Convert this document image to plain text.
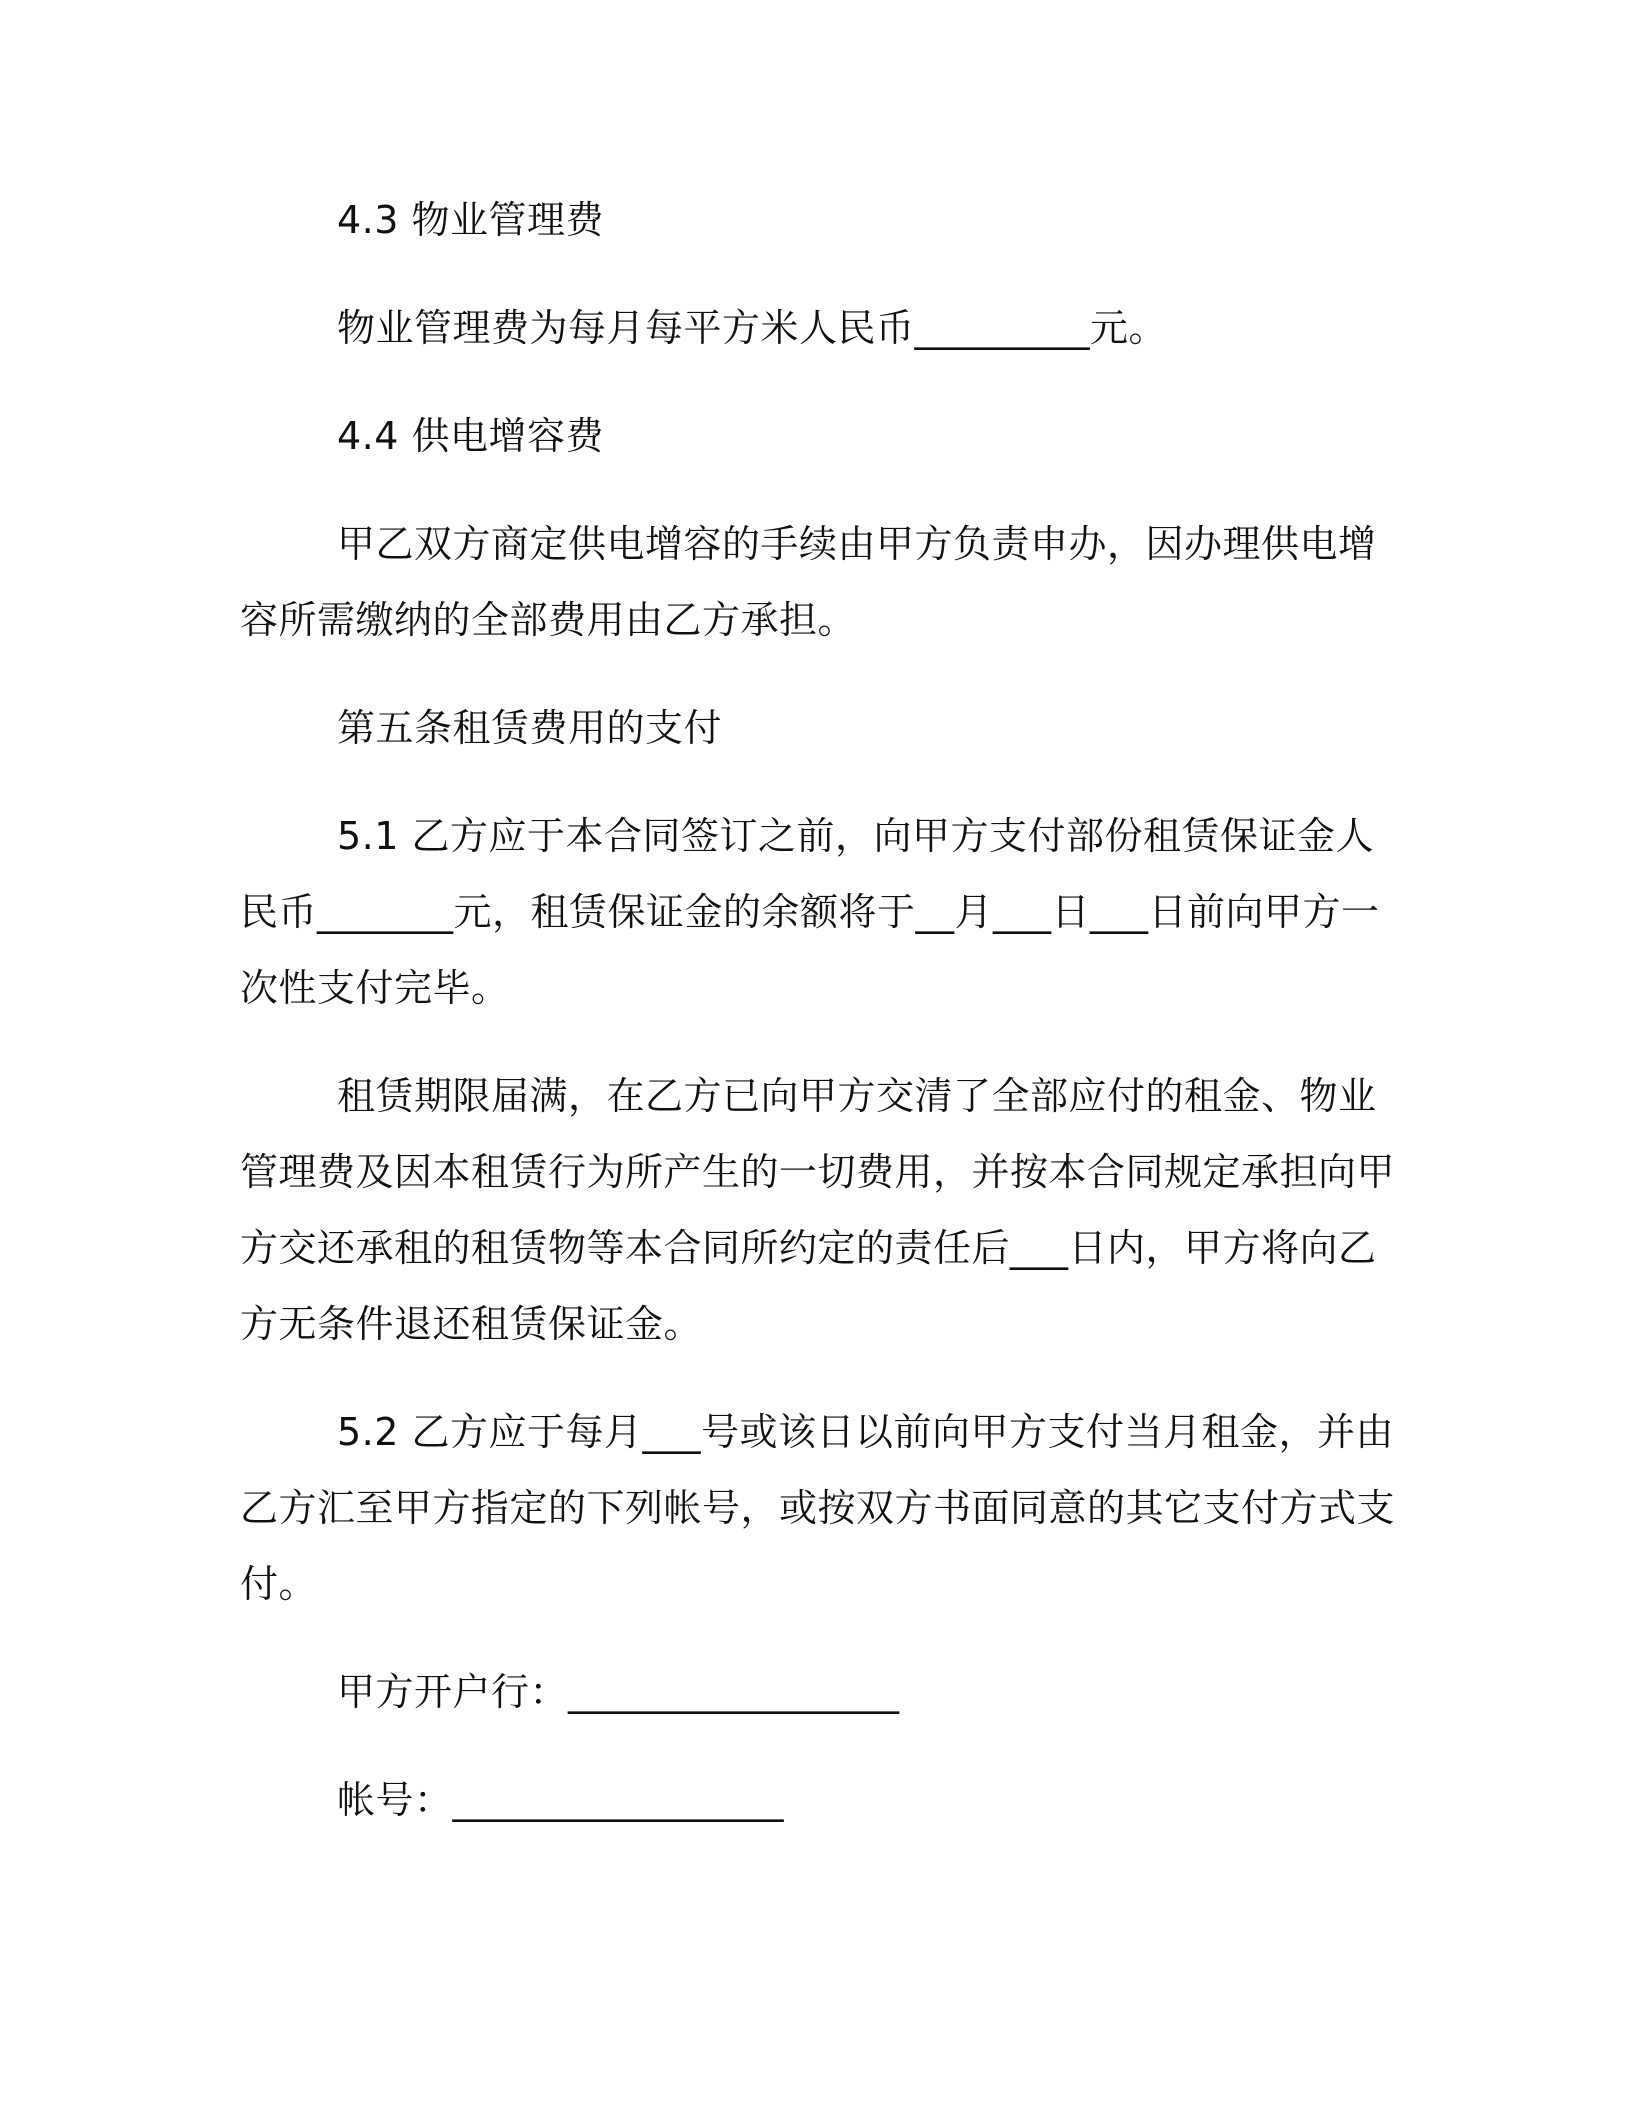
4.3 物业管理费

物业管理费为每月每平方米人民币_________元。

4.4 供电增容费

甲乙双方商定供电增容的手续由甲方负责申办，因办理供电增容所需缴纳的全部费用由乙方承担。

第五条租赁费用的支付

5.1 乙方应于本合同签订之前，向甲方支付部份租赁保证金人民币_______元，租赁保证金的余额将于__月___日___日前向甲方一次性支付完毕。

租赁期限届满，在乙方已向甲方交清了全部应付的租金、物业管理费及因本租赁行为所产生的一切费用，并按本合同规定承担向甲方交还承租的租赁物等本合同所约定的责任后___日内，甲方将向乙方无条件退还租赁保证金。

5.2 乙方应于每月___号或该日以前向甲方支付当月租金，并由乙方汇至甲方指定的下列帐号，或按双方书面同意的其它支付方式支付。

甲方开户行：_________________

帐号：_________________
